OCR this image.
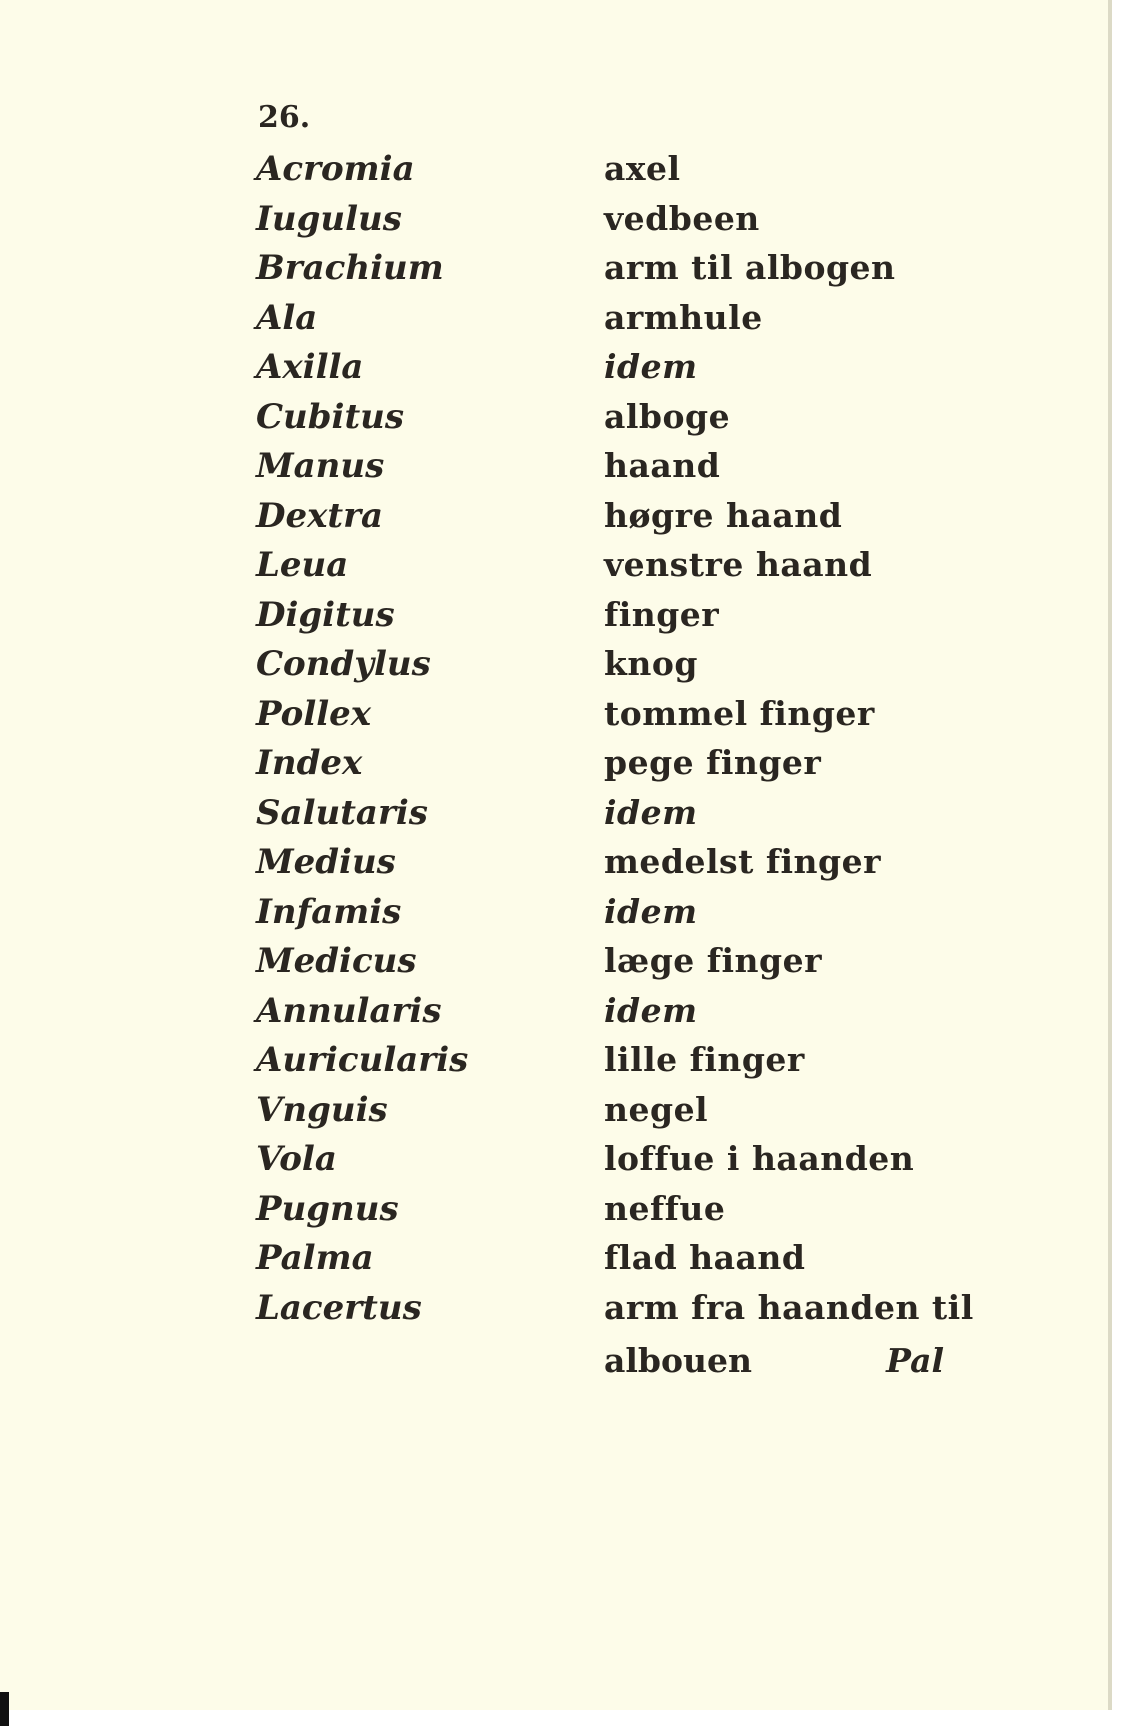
26.
Acromia	axel
Iugulus	vedbeen
Brachium	arm til albogen
Ala	armhule
Axilla	idem
Cubitus	alboge
Manus	haand
Dextra	høgre haand
Leua	venstre haand
Digitus	finger
Condylus	knog
Pollex	tommel finger
Index	pege finger
Salutaris	idem
Medius	medelst finger
Infamis	idem
Medicus	læge finger
Annularis	idem
Auricularis	lille finger
Vnguis	negel
Vola	loffue i haanden
Pugnus	neffue
Palma	flad haand
Lacertus	arm fra haanden til
albouen	Pal
